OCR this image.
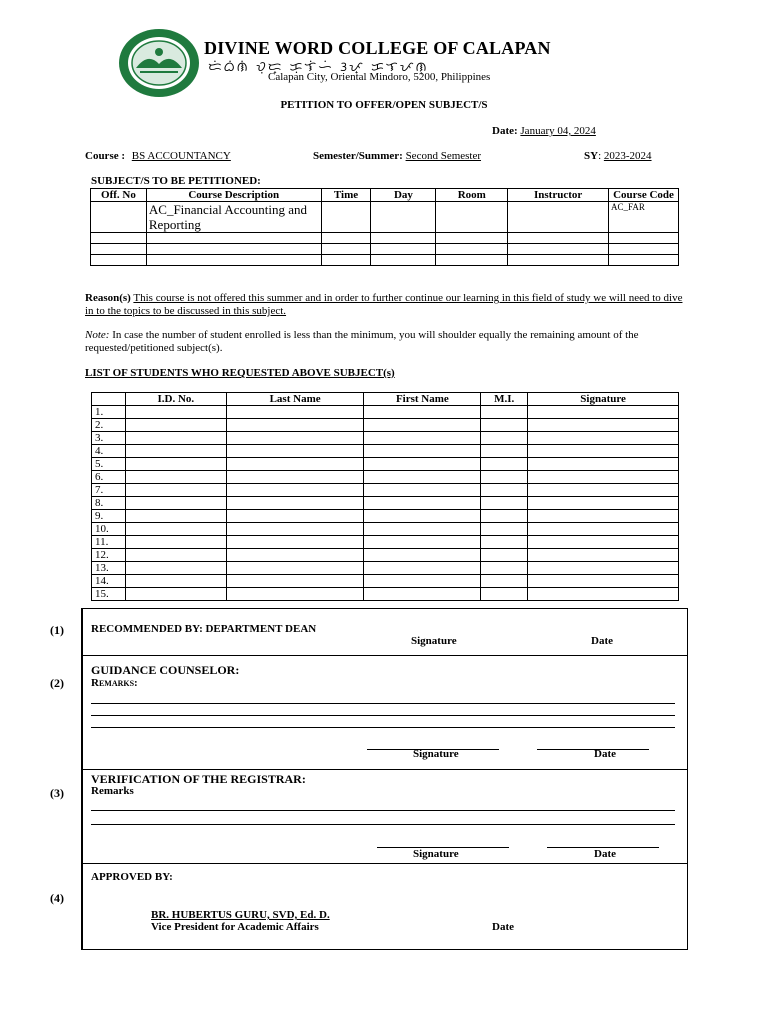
DIVINE WORD COLLEGE OF CALAPAN
ᜇᜒᜊᜒᜈᜒ ᜏᜓᜇ᜔ ᜃᜓᜎᜒᜑᜒ ᜂᜉ᜔ ᜃᜎᜉᜈ᜔
Calapan City, Oriental Mindoro, 5200, Philippines
PETITION TO OFFER/OPEN SUBJECT/S
Date: January 04, 2024
Course : BS ACCOUNTANCY	Semester/Summer: Second Semester	SY: 2023-2024
SUBJECT/S TO BE PETITIONED:
Off. No	Course Description	Time	Day	Room	Instructor	Course Code
	AC_Financial Accounting and Reporting					AC_FAR

Reason(s) This course is not offered this summer and in order to further continue our learning in this field of study we will need to dive in to the topics to be discussed in this subject.
Note: In case the number of student enrolled is less than the minimum, you will shoulder equally the remaining amount of the requested/petitioned subject(s).
LIST OF STUDENTS WHO REQUESTED ABOVE SUBJECT(s)
	I.D. No.	Last Name	First Name	M.I.	Signature
1.					
2.					
3.					
4.					
5.					
6.					
7.					
8.					
9.					
10.					
11.					
12.					
13.					
14.					
15.					
RECOMMENDED BY: DEPARTMENT DEAN
Signature	Date
GUIDANCE COUNSELOR:
Remarks:
Signature	Date
VERIFICATION OF THE REGISTRAR:
Remarks
Signature	Date
APPROVED BY:
BR. HUBERTUS GURU, SVD, Ed. D.
Vice President for Academic Affairs	Date
(1)
(2)
(3)
(4)
